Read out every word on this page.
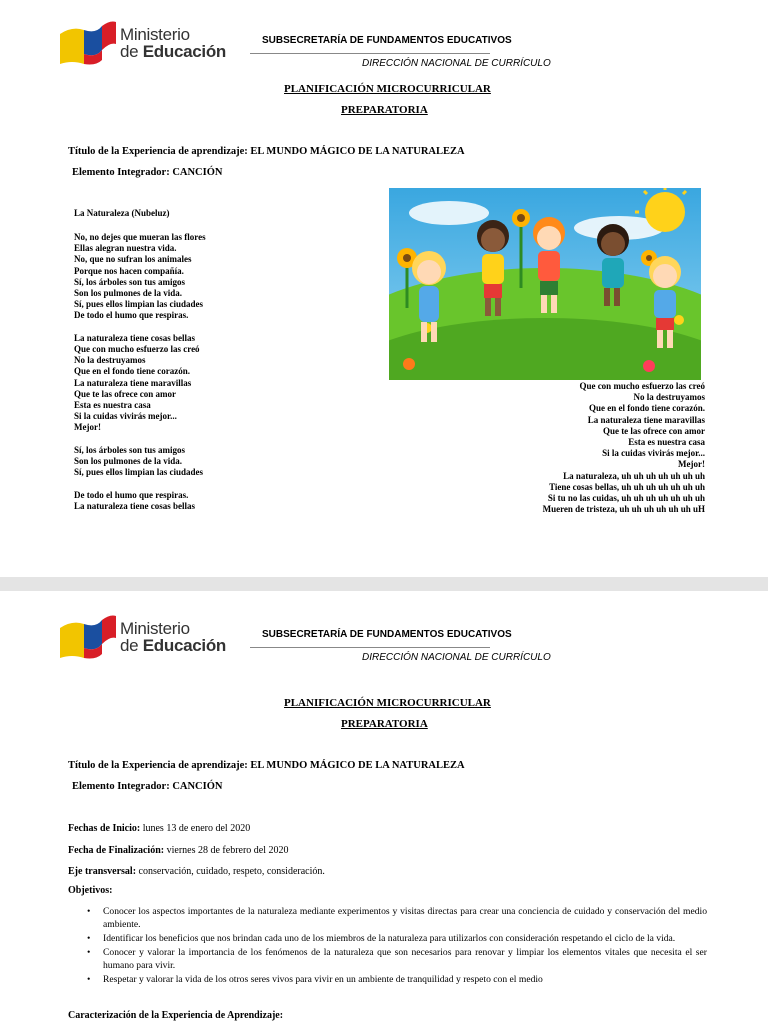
Ministerio
de Educación
SUBSECRETARÍA DE FUNDAMENTOS EDUCATIVOS
DIRECCIÓN NACIONAL DE CURRÍCULO
PLANIFICACIÓN MICROCURRICULAR
PREPARATORIA
Título de la Experiencia de aprendizaje: EL MUNDO MÁGICO DE LA NATURALEZA
Elemento Integrador: CANCIÓN
La Naturaleza (Nubeluz)
No, no dejes que mueran las flores
Ellas alegran nuestra vida.
No, que no sufran los animales
Porque nos hacen compañía.
Sí, los árboles son tus amigos
Son los pulmones de la vida.
Sí, pues ellos limpian las ciudades
De todo el humo que respiras.

La naturaleza tiene cosas bellas
Que con mucho esfuerzo las creó
No la destruyamos
Que en el fondo tiene corazón.
La naturaleza tiene maravillas
Que te las ofrece con amor
Esta es nuestra casa
Si la cuidas vivirás mejor...
Mejor!

Sí, los árboles son tus amigos
Son los pulmones de la vida.
Sí, pues ellos limpian las ciudades

De todo el humo que respiras.
La naturaleza tiene cosas bellas
Que con mucho esfuerzo las creó
No la destruyamos
Que en el fondo tiene corazón.
La naturaleza tiene maravillas
Que te las ofrece con amor
Esta es nuestra casa
Si la cuidas vivirás mejor...
Mejor!
La naturaleza, uh uh uh uh uh uh uh
Tiene cosas bellas, uh uh uh uh uh uh uh
Si tu no las cuidas, uh uh uh uh uh uh uh
Mueren de tristeza, uh uh uh uh uh uh uH
Ministerio
de Educación
SUBSECRETARÍA DE FUNDAMENTOS EDUCATIVOS
DIRECCIÓN NACIONAL DE CURRÍCULO
PLANIFICACIÓN MICROCURRICULAR
PREPARATORIA
Título de la Experiencia de aprendizaje: EL MUNDO MÁGICO DE LA NATURALEZA
Elemento Integrador: CANCIÓN
Fechas de Inicio: lunes 13 de enero del 2020
Fecha de Finalización: viernes 28 de febrero del 2020
Eje transversal: conservación, cuidado, respeto, consideración.
Objetivos:
• Conocer los aspectos importantes de la naturaleza mediante experimentos y visitas directas para crear una conciencia de cuidado y conservación del medio ambiente.
• Identificar los beneficios que nos brindan cada uno de los miembros de la naturaleza para utilizarlos con consideración respetando el ciclo de la vida.
• Conocer y valorar la importancia de los fenómenos de la naturaleza que son necesarios para renovar y limpiar los elementos vitales que necesita el ser humano para vivir.
• Respetar y valorar la vida de los otros seres vivos para vivir en un ambiente de tranquilidad y respeto con el medio
Caracterización de la Experiencia de Aprendizaje:
